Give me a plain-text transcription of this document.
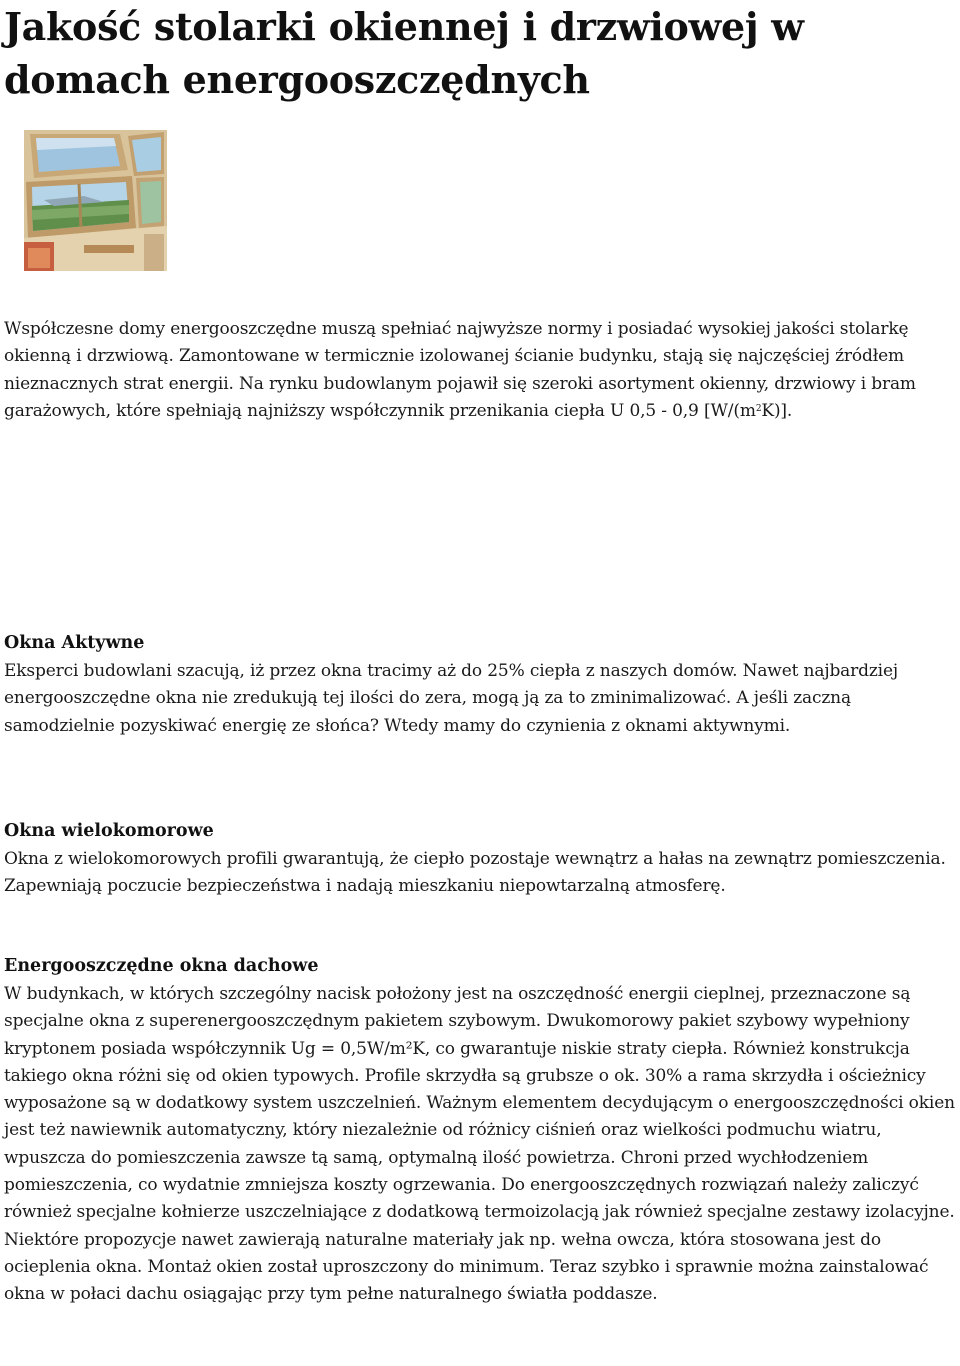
Jakość stolarki okiennej i drzwiowej w domach energooszczędnych

Współczesne domy energooszczędne muszą spełniać najwyższe normy i posiadać wysokiej jakości stolarkę okienną i drzwiową. Zamontowane w termicznie izolowanej ścianie budynku, stają się najczęściej źródłem nieznacznych strat energii. Na rynku budowlanym pojawił się szeroki asortyment okienny, drzwiowy i bram garażowych, które spełniają najniższy współczynnik przenikania ciepła U 0,5 - 0,9 $[W/(m^2K)]$.

Okna Aktywne

Eksperci budowlani szacują, iż przez okna tracimy aż do 25% ciepła z naszych domów. Nawet najbardziej energooszczędne okna nie zredukują tej ilości do zera, mogą ją za to zminimalizować. A jeśli zaczną samodzielnie pozyskiwać energię ze słońca? Wtedy mamy do czynienia z oknami aktywnymi.

Okna wielokomorowe

Okna z wielokomorowych profili gwarantują, że ciepło pozostaje wewnątrz a hałas na zewnątrz pomieszczenia. Zapewniają poczucie bezpieczeństwa i nadają mieszkaniu niepowtarzalną atmosferę.

Energooszczędne okna dachowe

W budynkach, w których szczególny nacisk położony jest na oszczędność energii cieplnej, przeznaczone są specjalne okna z superenergooszczędnym pakietem szybowym. Dwukomorowy pakiet szybowy wypełniony kryptonem posiada współczynnik Ug = 0,5W/m²K, co gwarantuje niskie straty ciepła. Również konstrukcja takiego okna różni się od okien typowych. Profile skrzydła są grubsze o ok. 30% a rama skrzydła i ościeżnicy wyposażone są w dodatkowy system uszczelnień. Ważnym elementem decydującym o energooszczędności okien jest też nawiewnik automatyczny, który niezależnie od różnicy ciśnień oraz wielkości podmuchu wiatru, wpuszcza do pomieszczenia zawsze tą samą, optymalną ilość powietrza. Chroni przed wychłodzeniem pomieszczenia, co wydatnie zmniejsza koszty ogrzewania. Do energooszczędnych rozwiązań należy zaliczyć również specjalne kołnierze uszczelniające z dodatkową termoizolacją jak również specjalne zestawy izolacyjne. Niektóre propozycje nawet zawierają naturalne materiały jak np. wełna owcza, która stosowana jest do ocieplenia okna. Montaż okien został uproszczony do minimum. Teraz szybko i sprawnie można zainstalować okna w połaci dachu osiągając przy tym pełne naturalnego światła poddasze.
